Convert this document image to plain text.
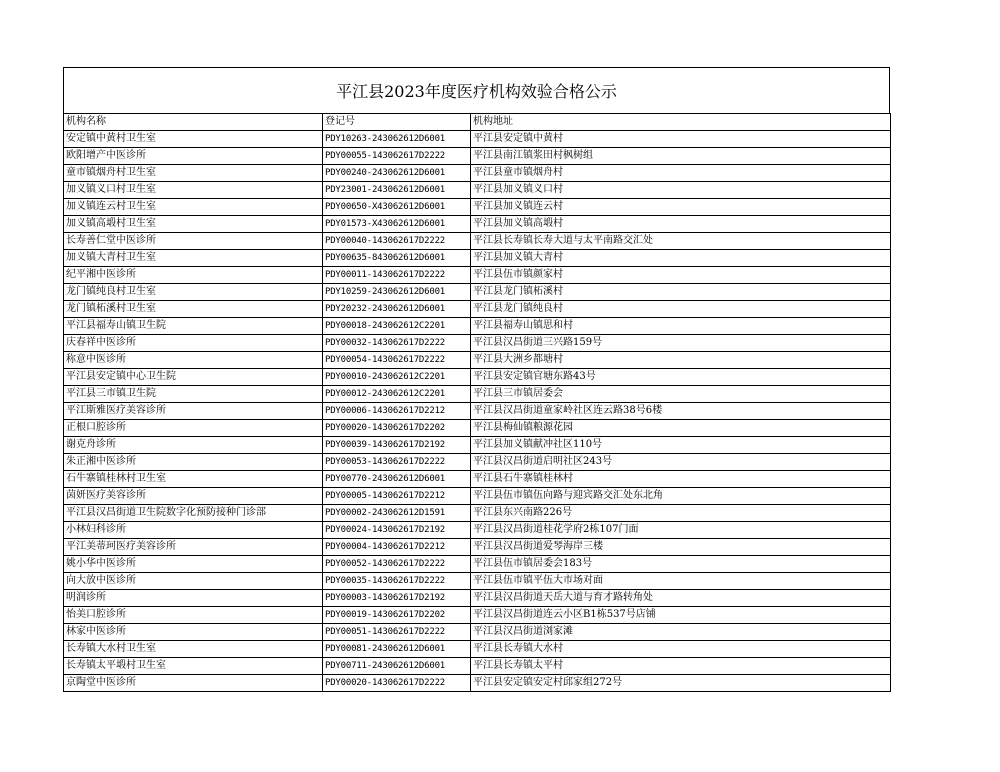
平江县2023年度医疗机构效验合格公示
机构名称	登记号	机构地址
安定镇中黄村卫生室	PDY10263-243062612D6001	平江县安定镇中黄村
欧阳增产中医诊所	PDY00055-143062617D2222	平江县南江镇浆田村枫树组
童市镇烟舟村卫生室	PDY00240-243062612D6001	平江县童市镇烟舟村
加义镇义口村卫生室	PDY23001-243062612D6001	平江县加义镇义口村
加义镇连云村卫生室	PDY00650-X43062612D6001	平江县加义镇连云村
加义镇高塅村卫生室	PDY01573-X43062612D6001	平江县加义镇高塅村
长寿善仁堂中医诊所	PDY00040-143062617D2222	平江县长寿镇长寿大道与太平南路交汇处
加义镇大青村卫生室	PDY00635-843062612D6001	平江县加义镇大青村
纪平湘中医诊所	PDY00011-143062617D2222	平江县伍市镇颜家村
龙门镇纯良村卫生室	PDY10259-243062612D6001	平江县龙门镇柘溪村
龙门镇柘溪村卫生室	PDY20232-243062612D6001	平江县龙门镇纯良村
平江县福寿山镇卫生院	PDY00018-243062612C2201	平江县福寿山镇思和村
庆春祥中医诊所	PDY00032-143062617D2222	平江县汉昌街道三兴路159号
称意中医诊所	PDY00054-143062617D2222	平江县大洲乡都塘村
平江县安定镇中心卫生院	PDY00010-243062612C2201	平江县安定镇官塘东路43号
平江县三市镇卫生院	PDY00012-243062612C2201	平江县三市镇居委会
平江斯雅医疗美容诊所	PDY00006-143062617D2212	平江县汉昌街道童家岭社区连云路38号6楼
正根口腔诊所	PDY00020-143062617D2202	平江县梅仙镇粮源花园
谢克舟诊所	PDY00039-143062617D2192	平江县加义镇献冲社区110号
朱正湘中医诊所	PDY00053-143062617D2222	平江县汉昌街道启明社区243号
石牛寨镇桂林村卫生室	PDY00770-243062612D6001	平江县石牛寨镇桂林村
茵妍医疗美容诊所	PDY00005-143062617D2212	平江县伍市镇伍向路与迎宾路交汇处东北角
平江县汉昌街道卫生院数字化预防接种门诊部	PDY00002-243062612D1591	平江县东兴南路226号
小林妇科诊所	PDY00024-143062617D2192	平江县汉昌街道桂花学府2栋107门面
平江美蒂珂医疗美容诊所	PDY00004-143062617D2212	平江县汉昌街道爱琴海岸三楼
姚小华中医诊所	PDY00052-143062617D2222	平江县伍市镇居委会183号
向大放中医诊所	PDY00035-143062617D2222	平江县伍市镇平伍大市场对面
明润诊所	PDY00003-143062617D2192	平江县汉昌街道天岳大道与育才路转角处
怡美口腔诊所	PDY00019-143062617D2202	平江县汉昌街道连云小区B1栋537号店铺
林家中医诊所	PDY00051-143062617D2222	平江县汉昌街道浏家滩
长寿镇大水村卫生室	PDY00081-243062612D6001	平江县长寿镇大水村
长寿镇太平塅村卫生室	PDY00711-243062612D6001	平江县长寿镇太平村
京陶堂中医诊所	PDY00020-143062617D2222	平江县安定镇安定村邱家组272号
